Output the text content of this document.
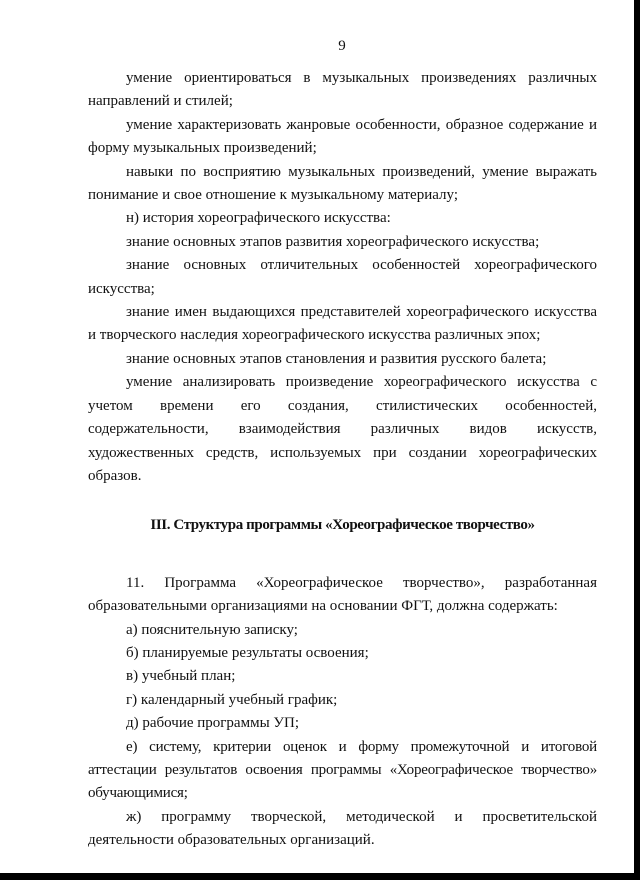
9

умение ориентироваться в музыкальных произведениях различных направлений и стилей;

умение характеризовать жанровые особенности, образное содержание и форму музыкальных произведений;

навыки по восприятию музыкальных произведений, умение выражать понимание и свое отношение к музыкальному материалу;

н) история хореографического искусства:

знание основных этапов развития хореографического искусства;

знание основных отличительных особенностей хореографического искусства;

знание имен выдающихся представителей хореографического искусства и творческого наследия хореографического искусства различных эпох;

знание основных этапов становления и развития русского балета;

умение анализировать произведение хореографического искусства с учетом времени его создания, стилистических особенностей, содержательности, взаимодействия различных видов искусств, художественных средств, используемых при создании хореографических образов.

III. Структура программы «Хореографическое творчество»

11. Программа «Хореографическое творчество», разработанная образовательными организациями на основании ФГТ, должна содержать:

а) пояснительную записку;

б) планируемые результаты освоения;

в) учебный план;

г) календарный учебный график;

д) рабочие программы УП;

е) систему, критерии оценок и форму промежуточной и итоговой аттестации результатов освоения программы «Хореографическое творчество» обучающимися;

ж) программу творческой, методической и просветительской деятельности образовательных организаций.
